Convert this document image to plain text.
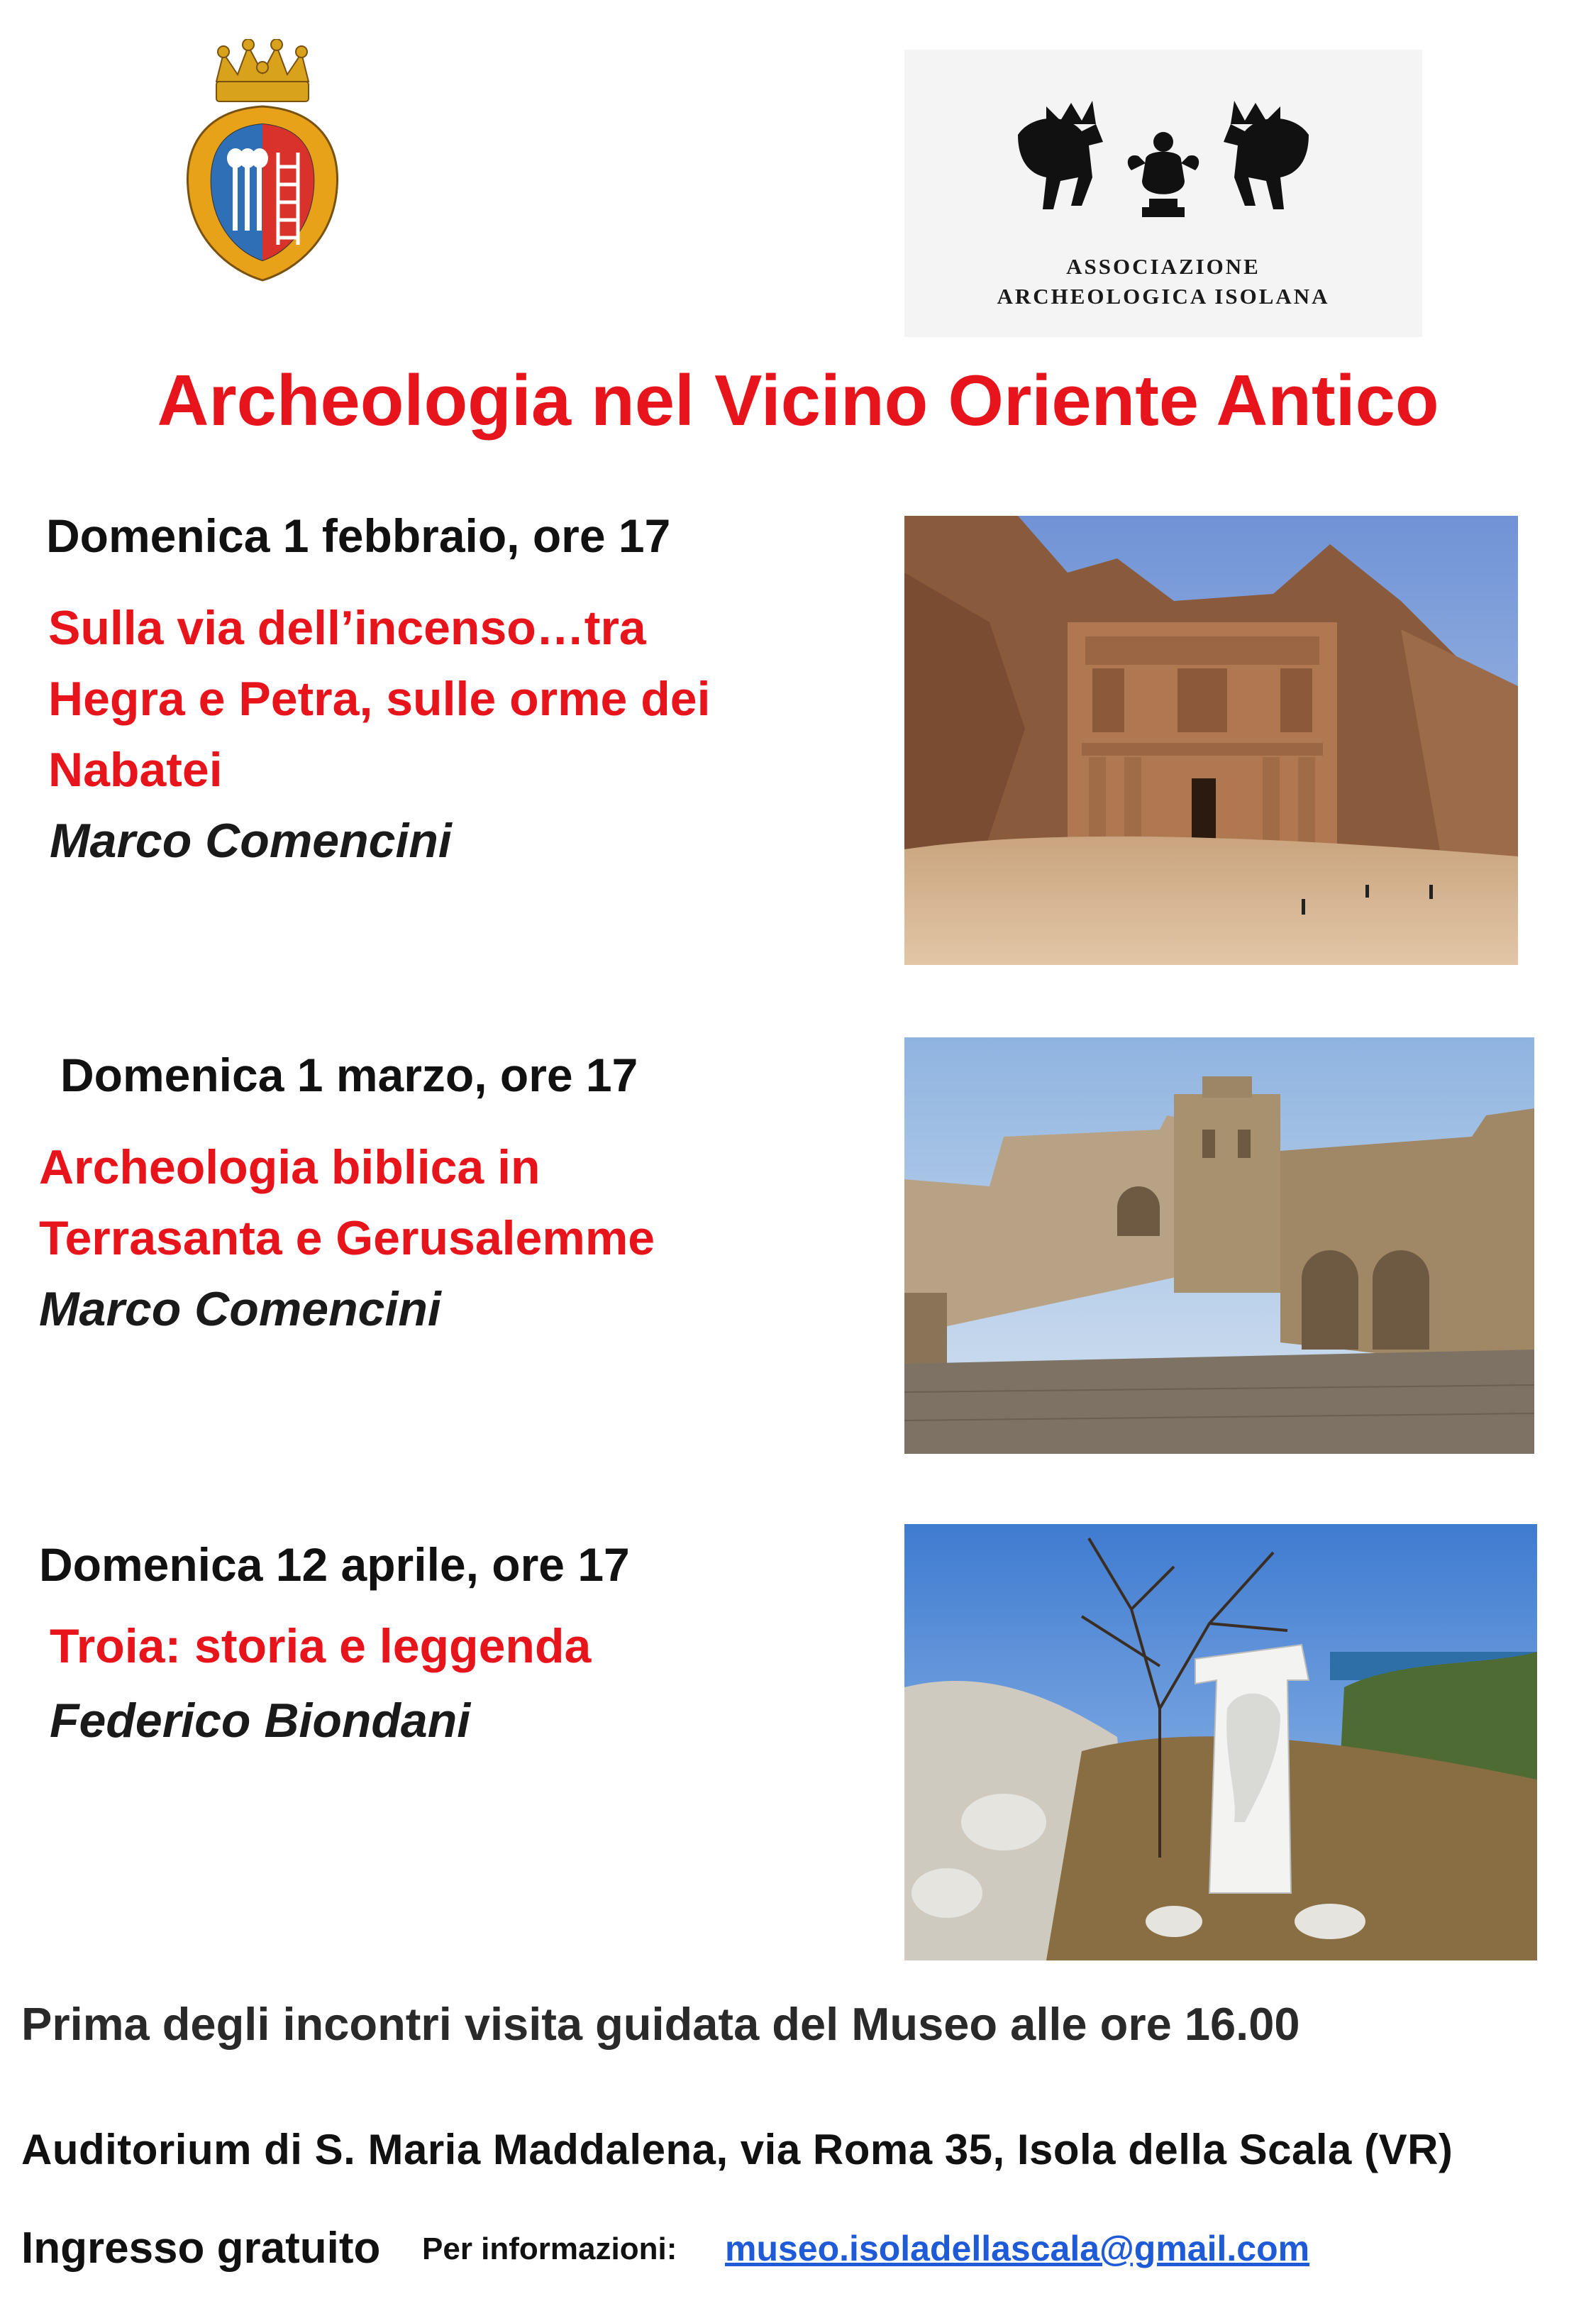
ASSOCIAZIONE
ARCHEOLOGICA ISOLANA
Archeologia nel Vicino Oriente Antico
Domenica 1 febbraio, ore 17
Sulla via dell’incenso…tra
Hegra e Petra, sulle orme dei
Nabatei
Marco Comencini
Domenica 1 marzo, ore 17
Archeologia biblica in
Terrasanta e Gerusalemme
Marco Comencini
Domenica 12 aprile, ore 17
Troia: storia e leggenda
Federico Biondani
Prima degli incontri visita guidata del Museo alle ore 16.00
Auditorium di S. Maria Maddalena, via Roma 35, Isola della Scala (VR)
Ingresso gratuito Per informazioni: museo.isoladellascala@gmail.com
